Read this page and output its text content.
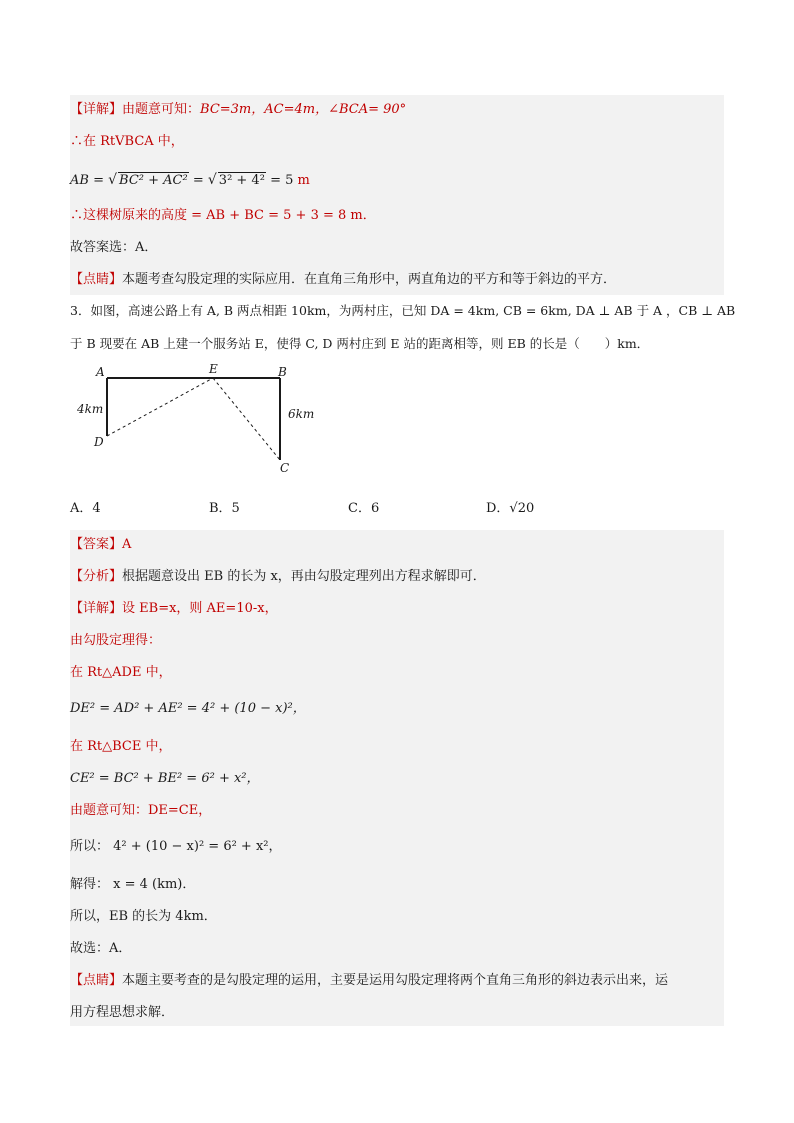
【详解】由题意可知：BC=3m，AC=4m，∠BCA= 90°
∴在 RtVBCA 中，
AB = √ BC² + AC² = √ 3² + 4² = 5 m
∴这棵树原来的高度 = AB + BC = 5 + 3 = 8 m．
故答案选：A．
【点睛】本题考查勾股定理的实际应用．在直角三角形中，两直角边的平方和等于斜边的平方．
3．如图，高速公路上有 A, B 两点相距 10km，为两村庄，已知 DA = 4km, CB = 6km, DA ⊥ AB 于 A ，CB ⊥ AB
于 B 现要在 AB 上建一个服务站 E，使得 C, D 两村庄到 E 站的距离相等，则 EB 的长是（　　）km．
A	E	B
D
C
4km	6km
A．4	B．5	C．6	D．√20
【答案】A
【分析】根据题意设出 EB 的长为 x，再由勾股定理列出方程求解即可．
【详解】设 EB=x，则 AE=10-x，
由勾股定理得：
在 Rt△ADE 中，
DE² = AD² + AE² = 4² + (10 − x)²，
在 Rt△BCE 中，
CE² = BC² + BE² = 6² + x²，
由题意可知：DE=CE，
所以： 4² + (10 − x)² = 6² + x²，
解得： x = 4 (km)．
所以，EB 的长为 4km．
故选：A．
【点睛】本题主要考查的是勾股定理的运用，主要是运用勾股定理将两个直角三角形的斜边表示出来，运
用方程思想求解．
